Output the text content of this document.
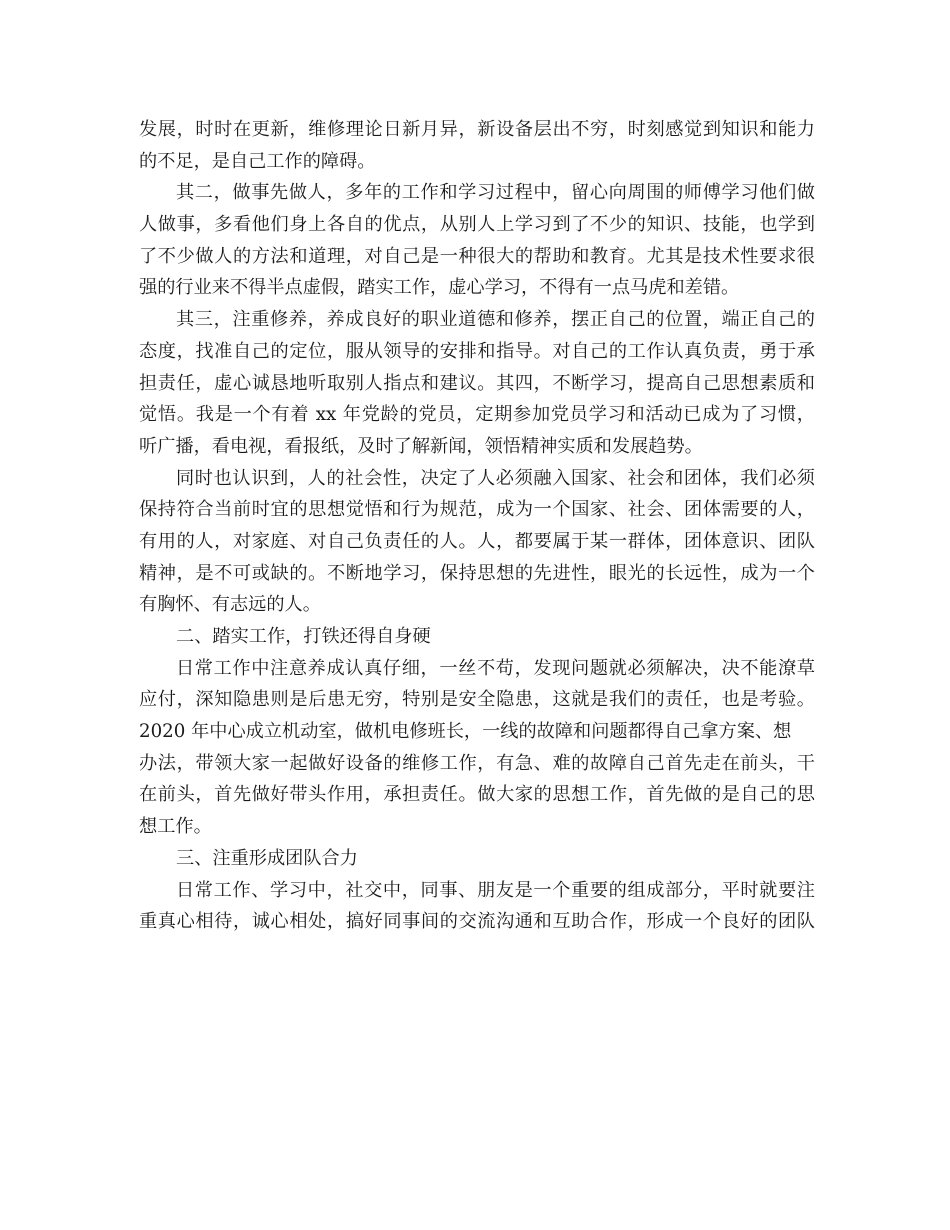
发展，时时在更新，维修理论日新月异，新设备层出不穷，时刻感觉到知识和能力
的不足，是自己工作的障碍。
其二，做事先做人，多年的工作和学习过程中，留心向周围的师傅学习他们做
人做事，多看他们身上各自的优点，从别人上学习到了不少的知识、技能，也学到
了不少做人的方法和道理，对自己是一种很大的帮助和教育。尤其是技术性要求很
强的行业来不得半点虚假，踏实工作，虚心学习，不得有一点马虎和差错。
其三，注重修养，养成良好的职业道德和修养，摆正自己的位置，端正自己的
态度，找准自己的定位，服从领导的安排和指导。对自己的工作认真负责，勇于承
担责任，虚心诚恳地听取别人指点和建议。其四，不断学习，提高自己思想素质和
觉悟。我是一个有着 xx 年党龄的党员，定期参加党员学习和活动已成为了习惯，
听广播，看电视，看报纸，及时了解新闻，领悟精神实质和发展趋势。
同时也认识到，人的社会性，决定了人必须融入国家、社会和团体，我们必须
保持符合当前时宜的思想觉悟和行为规范，成为一个国家、社会、团体需要的人，
有用的人，对家庭、对自己负责任的人。人，都要属于某一群体，团体意识、团队
精神，是不可或缺的。不断地学习，保持思想的先进性，眼光的长远性，成为一个
有胸怀、有志远的人。
二、踏实工作，打铁还得自身硬
日常工作中注意养成认真仔细，一丝不苟，发现问题就必须解决，决不能潦草
应付，深知隐患则是后患无穷，特别是安全隐患，这就是我们的责任，也是考验。
2020 年中心成立机动室，做机电修班长，一线的故障和问题都得自己拿方案、想
办法，带领大家一起做好设备的维修工作，有急、难的故障自己首先走在前头，干
在前头，首先做好带头作用，承担责任。做大家的思想工作，首先做的是自己的思
想工作。
三、注重形成团队合力
日常工作、学习中，社交中，同事、朋友是一个重要的组成部分，平时就要注
重真心相待，诚心相处，搞好同事间的交流沟通和互助合作，形成一个良好的团队
